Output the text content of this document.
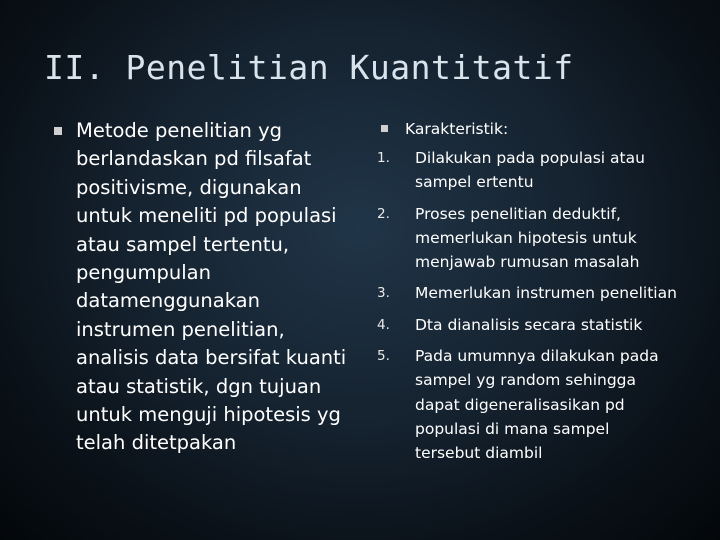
II. Penelitian Kuantitatif
Metode penelitian yg berlandaskan pd filsafat positivisme, digunakan untuk meneliti pd populasi atau sampel tertentu, pengumpulan datamenggunakan instrumen penelitian, analisis data bersifat kuanti atau statistik, dgn tujuan untuk menguji hipotesis yg telah ditetpakan

Karakteristik:

1. Dilakukan pada populasi atau sampel ertentu
2. Proses penelitian deduktif, memerlukan hipotesis untuk menjawab rumusan masalah
3. Memerlukan instrumen penelitian
4. Dta dianalisis secara statistik
5. Pada umumnya dilakukan pada sampel yg random sehingga dapat digeneralisasikan pd populasi di mana sampel tersebut diambil
